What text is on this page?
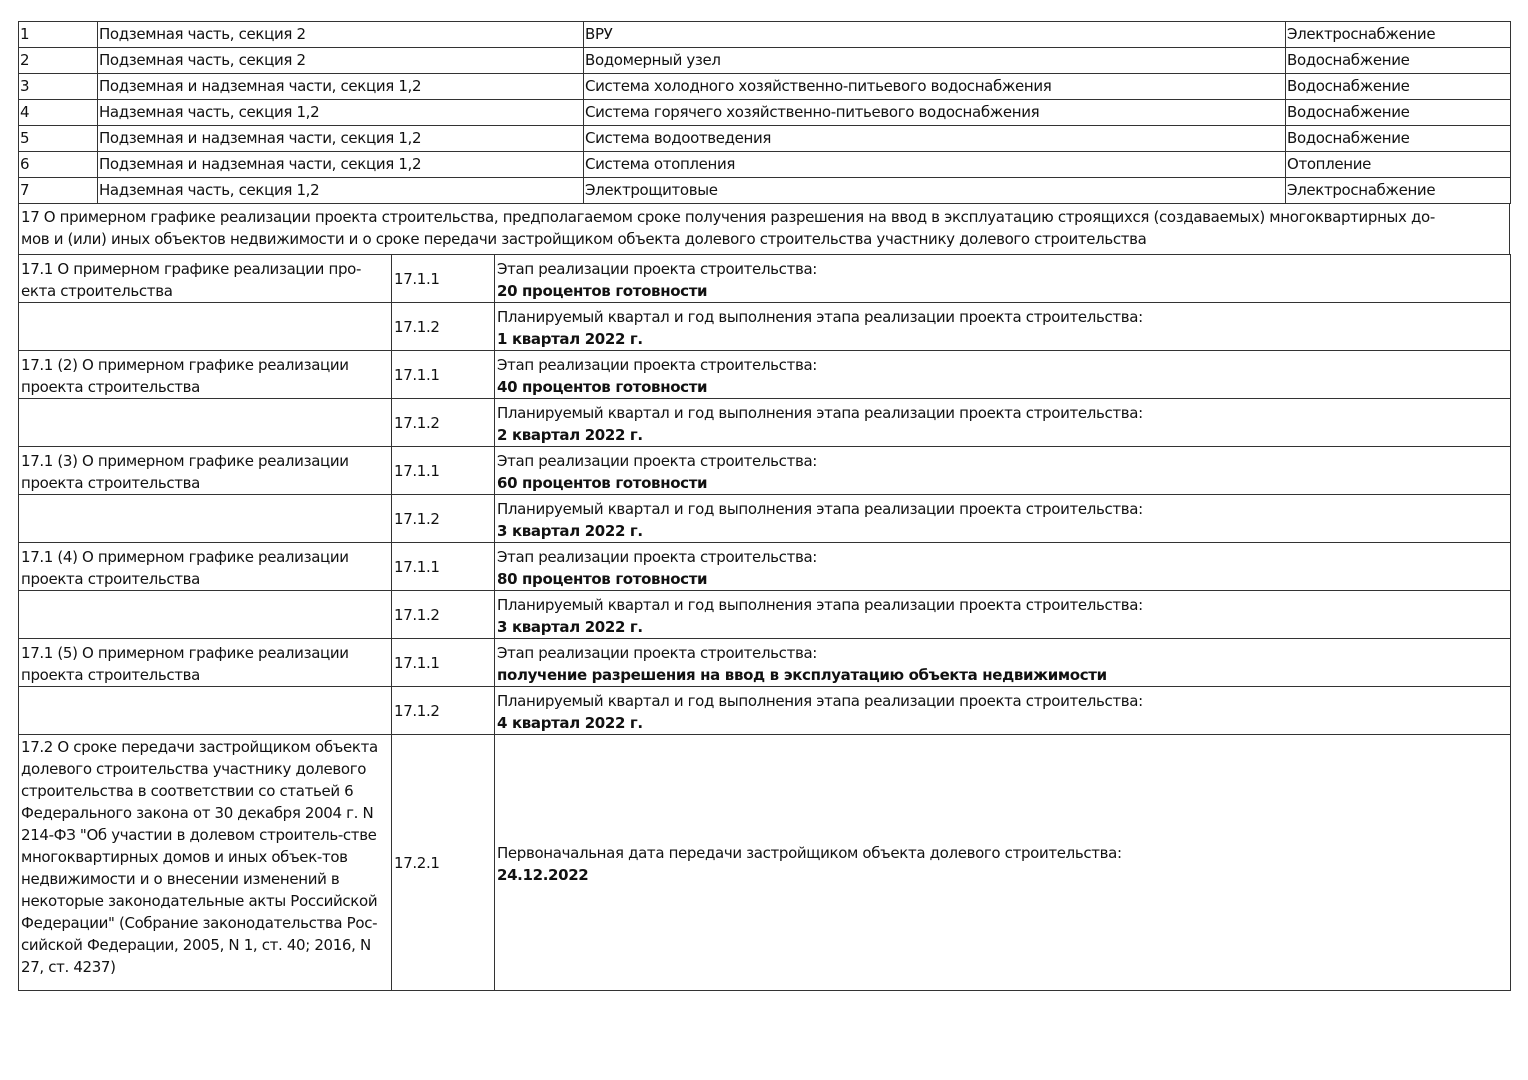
1	Подземная часть, секция 2	ВРУ	Электроснабжение
2	Подземная часть, секция 2	Водомерный узел	Водоснабжение
3	Подземная и надземная части, секция 1,2	Система холодного хозяйственно-питьевого водоснабжения	Водоснабжение
4	Надземная часть, секция 1,2	Система горячего хозяйственно-питьевого водоснабжения	Водоснабжение
5	Подземная и надземная части, секция 1,2	Система водоотведения	Водоснабжение
6	Подземная и надземная части, секция 1,2	Система отопления	Отопление
7	Надземная часть, секция 1,2	Электрощитовые	Электроснабжение
17 О примерном графике реализации проекта строительства, предполагаемом сроке получения разрешения на ввод в эксплуатацию строящихся (создаваемых) многоквартирных до-
мов и (или) иных объектов недвижимости и о сроке передачи застройщиком объекта долевого строительства участнику долевого строительства
17.1 О примерном графике реализации про-екта строительства	17.1.1	Этап реализации проекта строительства:
20 процентов готовности

	17.1.2	Планируемый квартал и год выполнения этапа реализации проекта строительства:
1 квартал 2022 г.

17.1 (2) О примерном графике реализации проекта строительства	17.1.1	Этап реализации проекта строительства:
40 процентов готовности

	17.1.2	Планируемый квартал и год выполнения этапа реализации проекта строительства:
2 квартал 2022 г.

17.1 (3) О примерном графике реализации проекта строительства	17.1.1	Этап реализации проекта строительства:
60 процентов готовности

	17.1.2	Планируемый квартал и год выполнения этапа реализации проекта строительства:
3 квартал 2022 г.

17.1 (4) О примерном графике реализации проекта строительства	17.1.1	Этап реализации проекта строительства:
80 процентов готовности

	17.1.2	Планируемый квартал и год выполнения этапа реализации проекта строительства:
3 квартал 2022 г.

17.1 (5) О примерном графике реализации проекта строительства	17.1.1	Этап реализации проекта строительства:
получение разрешения на ввод в эксплуатацию объекта недвижимости

	17.1.2	Планируемый квартал и год выполнения этапа реализации проекта строительства:
4 квартал 2022 г.

17.2 О сроке передачи застройщиком объекта долевого строительства участнику долевого строительства в соответствии со статьей 6 Федерального закона от 30 декабря 2004 г. N 214-ФЗ "Об участии в долевом строитель-стве многоквартирных домов и иных объек-тов недвижимости и о внесении изменений в некоторые законодательные акты Российской Федерации" (Собрание законодательства Рос-сийской Федерации, 2005, N 1, ст. 40; 2016, N 27, ст. 4237)	17.2.1	Первоначальная дата передачи застройщиком объекта долевого строительства:
24.12.2022
